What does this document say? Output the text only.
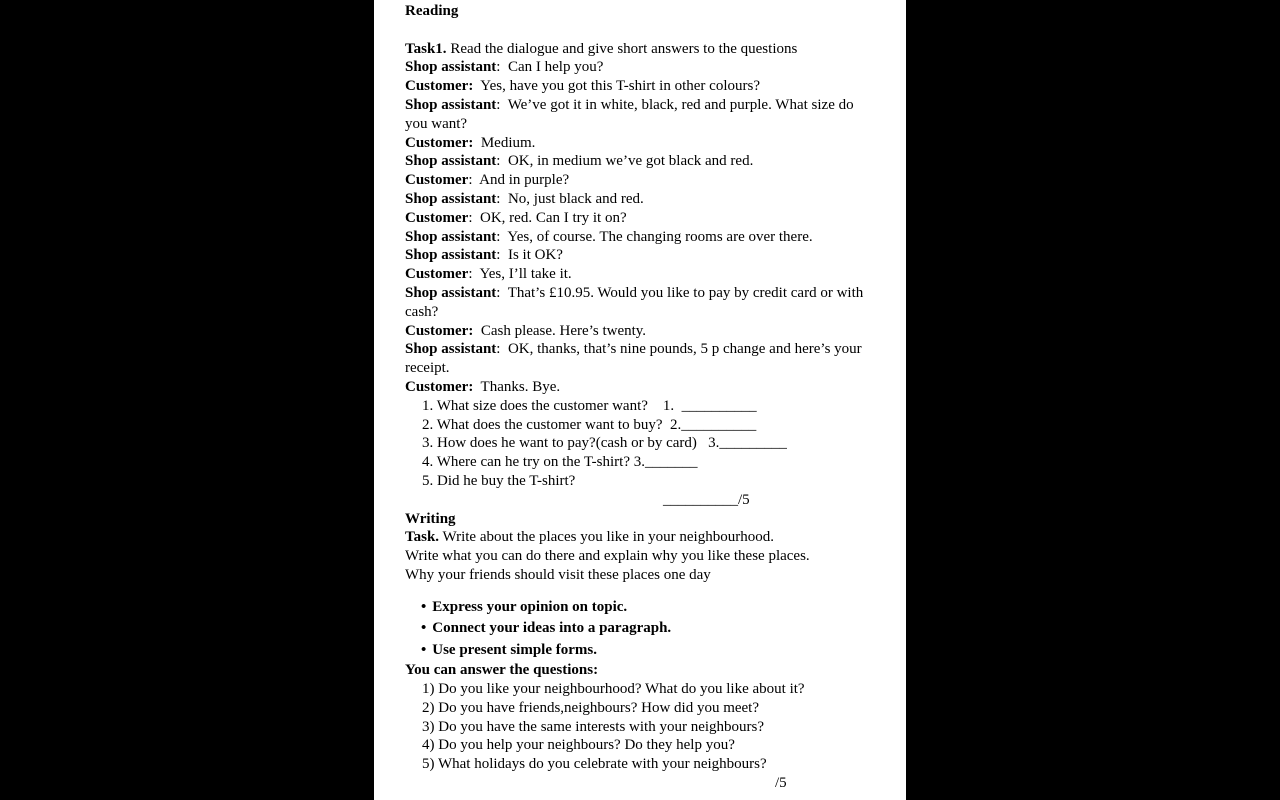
Reading
Task1. Read the dialogue and give short answers to the questions
Shop assistant:  Can I help you?
Customer:  Yes, have you got this T-shirt in other colours?
Shop assistant:  We’ve got it in white, black, red and purple. What size do you want?
Customer:  Medium.
Shop assistant:  OK, in medium we’ve got black and red.
Customer:  And in purple?
Shop assistant:  No, just black and red.
Customer:  OK, red. Can I try it on?
Shop assistant:  Yes, of course. The changing rooms are over there.
Shop assistant:  Is it OK?
Customer:  Yes, I’ll take it.
Shop assistant:  That’s £10.95. Would you like to pay by credit card or with cash?
Customer:  Cash please. Here’s twenty.
Shop assistant:  OK, thanks, that’s nine pounds, 5 p change and here’s your receipt.
Customer:  Thanks. Bye.
1. What size does the customer want?    1.  __________
2. What does the customer want to buy?  2.__________
3. How does he want to pay?(cash or by card)   3._________
4. Where can he try on the T-shirt? 3._______
5. Did he buy the T-shirt?
__________/5
Writing
Task. Write about the places you like in your neighbourhood.
Write what you can do there and explain why you like these places.
Why your friends should visit these places one day
• Express your opinion on topic.
• Connect your ideas into a paragraph.
• Use present simple forms.
You can answer the questions:
1) Do you like your neighbourhood? What do you like about it?
2) Do you have friends,neighbours? How did you meet?
3) Do you have the same interests with your neighbours?
4) Do you help your neighbours? Do they help you?
5) What holidays do you celebrate with your neighbours?
/5
